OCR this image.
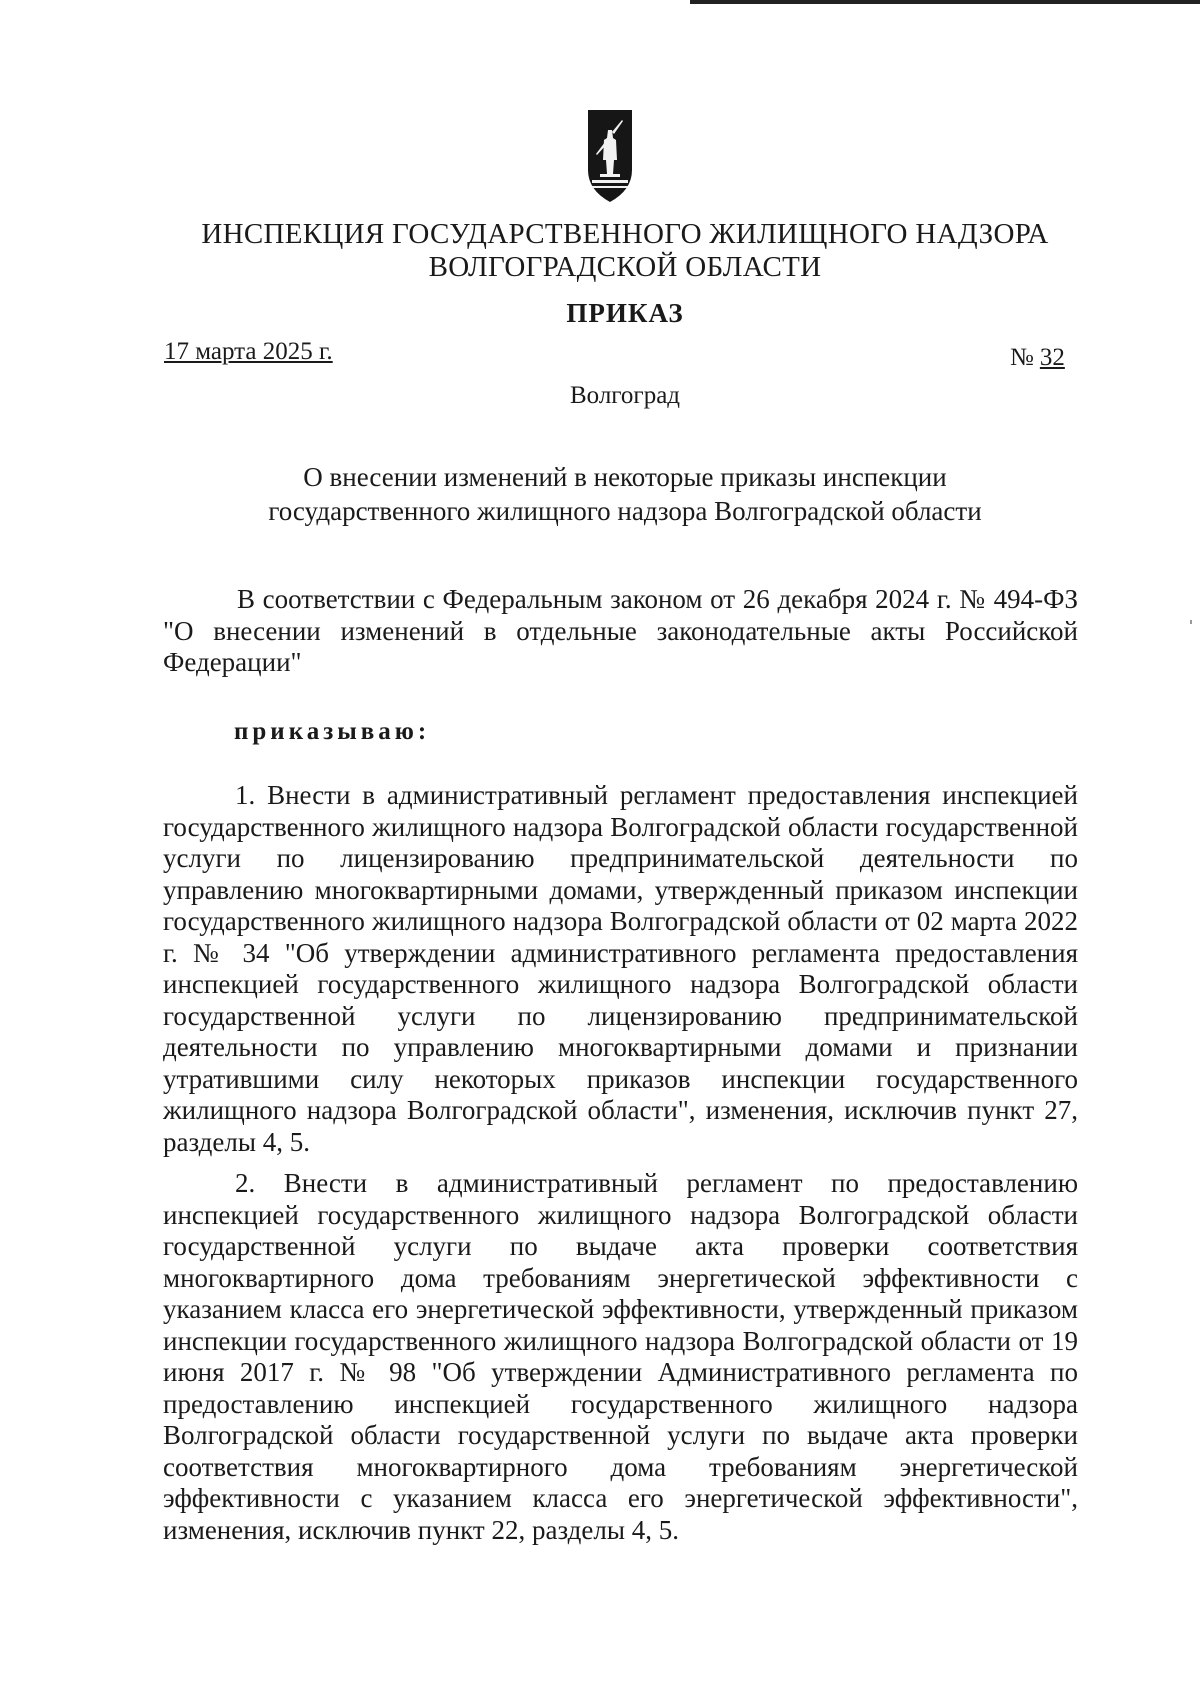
ИНСПЕКЦИЯ ГОСУДАРСТВЕННОГО ЖИЛИЩНОГО НАДЗОРА
ВОЛГОГРАДСКОЙ ОБЛАСТИ
ПРИКАЗ
17 марта 2025 г.	№ 32
Волгоград
О внесении изменений в некоторые приказы инспекции
государственного жилищного надзора Волгоградской области
В соответствии с Федеральным законом от 26 декабря 2024 г. № 494-ФЗ "О внесении изменений в отдельные законодательные акты Российской Федерации"
приказываю:
1. Внести в административный регламент предоставления инспекцией государственного жилищного надзора Волгоградской области государственной услуги по лицензированию предпринимательской деятельности по управлению многоквартирными домами, утвержденный приказом инспекции государственного жилищного надзора Волгоградской области от 02 марта 2022 г. № 34 "Об утверждении административного регламента предоставления инспекцией государственного жилищного надзора Волгоградской области государственной услуги по лицензированию предпринимательской деятельности по управлению многоквартирными домами и признании утратившими силу некоторых приказов инспекции государственного жилищного надзора Волгоградской области", изменения, исключив пункт 27, разделы 4, 5.
2. Внести в административный регламент по предоставлению инспекцией государственного жилищного надзора Волгоградской области государственной услуги по выдаче акта проверки соответствия многоквартирного дома требованиям энергетической эффективности с указанием класса его энергетической эффективности, утвержденный приказом инспекции государственного жилищного надзора Волгоградской области от 19 июня 2017 г. № 98 "Об утверждении Административного регламента по предоставлению инспекцией государственного жилищного надзора Волгоградской области государственной услуги по выдаче акта проверки соответствия многоквартирного дома требованиям энергетической эффективности с указанием класса его энергетической эффективности", изменения, исключив пункт 22, разделы 4, 5.
